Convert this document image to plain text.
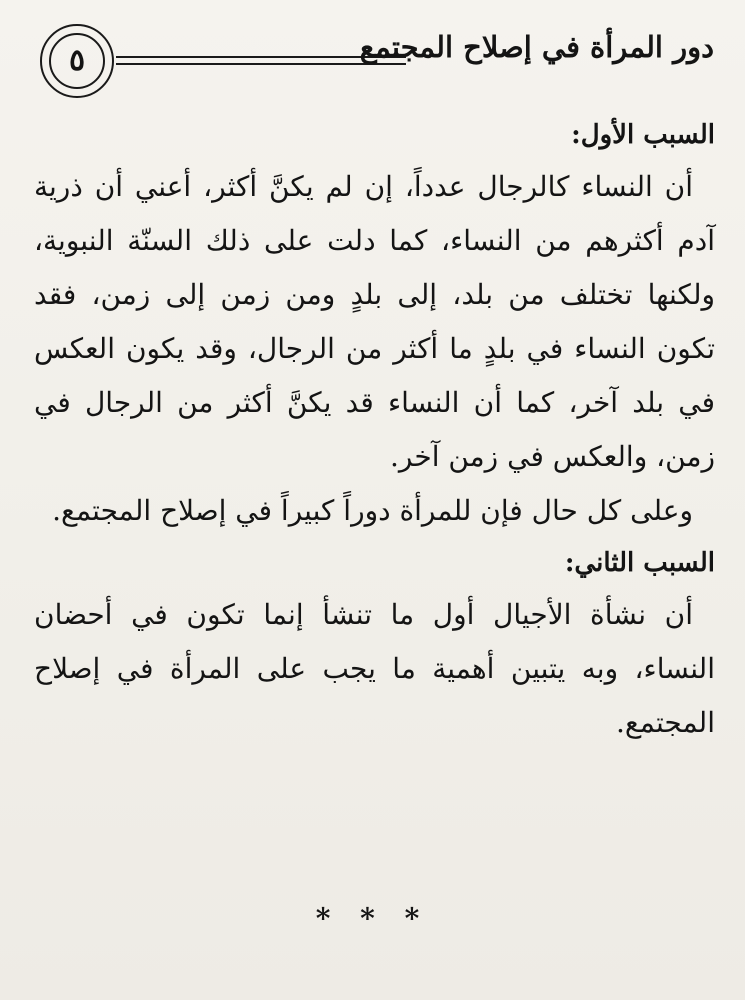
٥	دور المرأة في إصلاح المجتمع
السبب الأول:

أن النساء كالرجال عدداً، إن لم يكنَّ أكثر، أعني أن ذرية آدم أكثرهم من النساء، كما دلت على ذلك السنّة النبوية، ولكنها تختلف من بلد، إلى بلدٍ ومن زمن إلى زمن، فقد تكون النساء في بلدٍ ما أكثر من الرجال، وقد يكون العكس في بلد آخر، كما أن النساء قد يكنَّ أكثر من الرجال في زمن، والعكس في زمن آخر.

وعلى كل حال فإن للمرأة دوراً كبيراً في إصلاح المجتمع.

السبب الثاني:

أن نشأة الأجيال أول ما تنشأ إنما تكون في أحضان النساء، وبه يتبين أهمية ما يجب على المرأة في إصلاح المجتمع.

* * *
